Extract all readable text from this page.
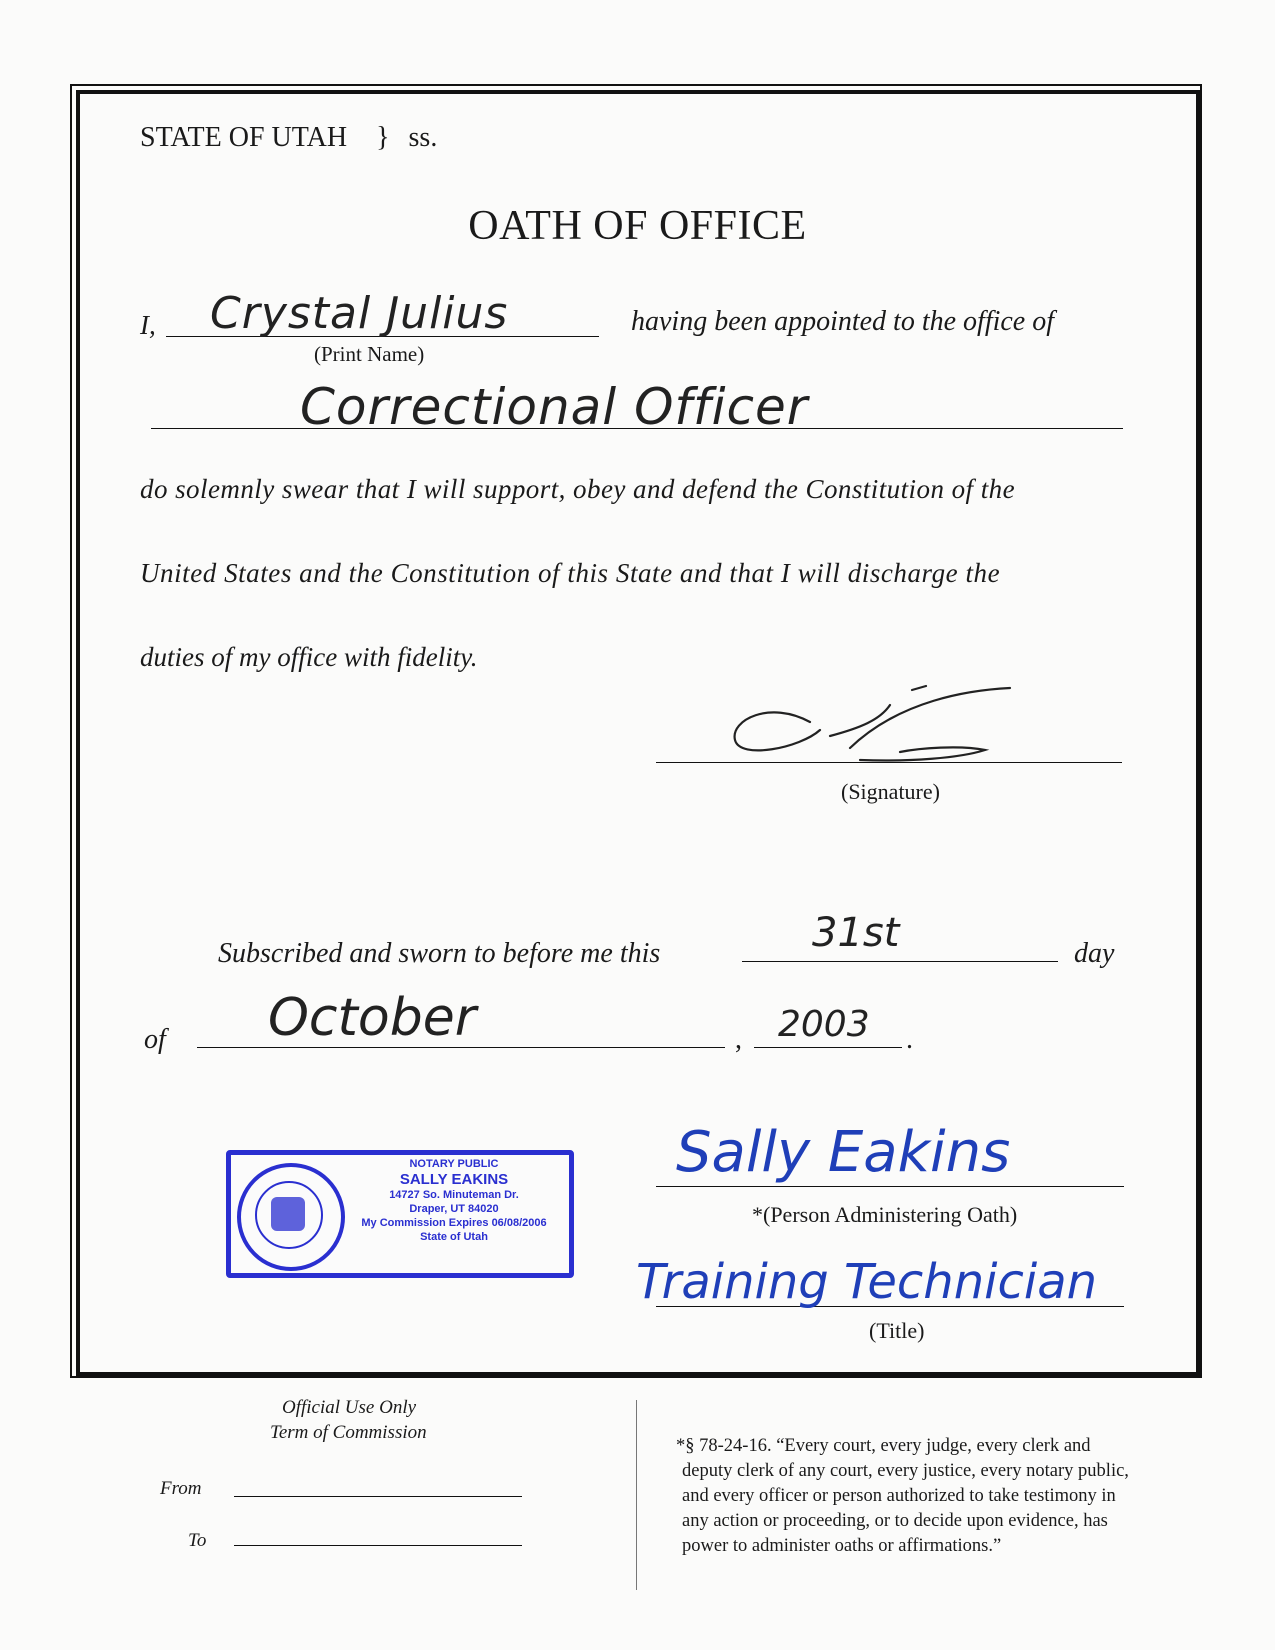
STATE OF UTAH } ss.
OATH OF OFFICE
I, Crystal Julius
(Print Name)
having been appointed to the office of
Correctional Officer
do solemnly swear that I will support, obey and defend the Constitution of the
United States and the Constitution of this State and that I will discharge the
duties of my office with fidelity.
(Signature)
Subscribed and sworn to before me this	31st	day
of October	, 2003 .
NOTARY PUBLIC
SALLY EAKINS
14727 So. Minuteman Dr.
Draper, UT 84020
My Commission Expires 06/08/2006
State of Utah
Sally Eakins
*(Person Administering Oath)
Training Technician
(Title)
Official Use Only
Term of Commission
From
To
*§ 78-24-16. “Every court, every judge, every clerk and
deputy clerk of any court, every justice, every notary public,
and every officer or person authorized to take testimony in
any action or proceeding, or to decide upon evidence, has
power to administer oaths or affirmations.”
